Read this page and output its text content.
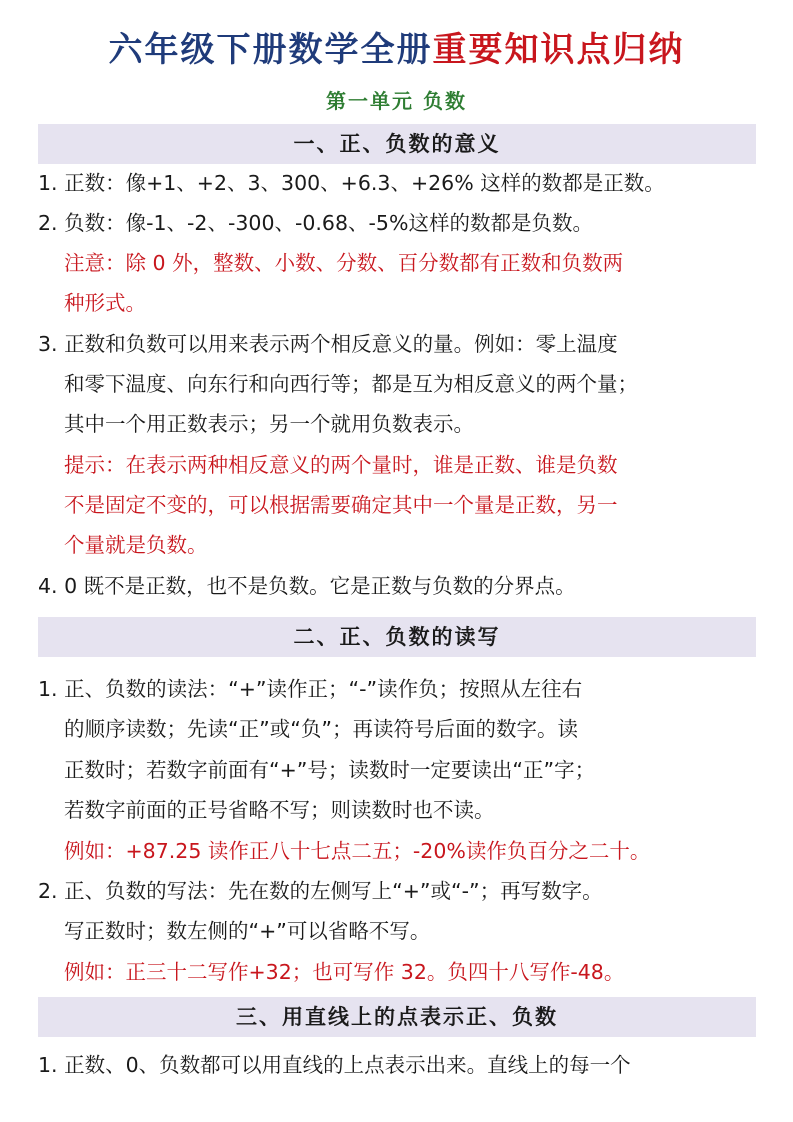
六年级下册数学全册重要知识点归纳
第一单元 负数
一、正、负数的意义
1. 正数：像+1、+2、3、300、+6.3、+26% 这样的数都是正数。
2. 负数：像-1、-2、-300、-0.68、-5%这样的数都是负数。
注意：除 0 外，整数、小数、分数、百分数都有正数和负数两
种形式。
3. 正数和负数可以用来表示两个相反意义的量。例如：零上温度
和零下温度、向东行和向西行等；都是互为相反意义的两个量；
其中一个用正数表示；另一个就用负数表示。
提示：在表示两种相反意义的两个量时，谁是正数、谁是负数
不是固定不变的，可以根据需要确定其中一个量是正数，另一
个量就是负数。
4. 0 既不是正数，也不是负数。它是正数与负数的分界点。
二、正、负数的读写
1. 正、负数的读法：“+”读作正；“-”读作负；按照从左往右
的顺序读数；先读“正”或“负”；再读符号后面的数字。读
正数时；若数字前面有“+”号；读数时一定要读出“正”字；
若数字前面的正号省略不写；则读数时也不读。
例如：+87.25 读作正八十七点二五；-20%读作负百分之二十。
2. 正、负数的写法：先在数的左侧写上“+”或“-”；再写数字。
写正数时；数左侧的“+”可以省略不写。
例如：正三十二写作+32；也可写作 32。负四十八写作-48。
三、用直线上的点表示正、负数
1. 正数、0、负数都可以用直线的上点表示出来。直线上的每一个
